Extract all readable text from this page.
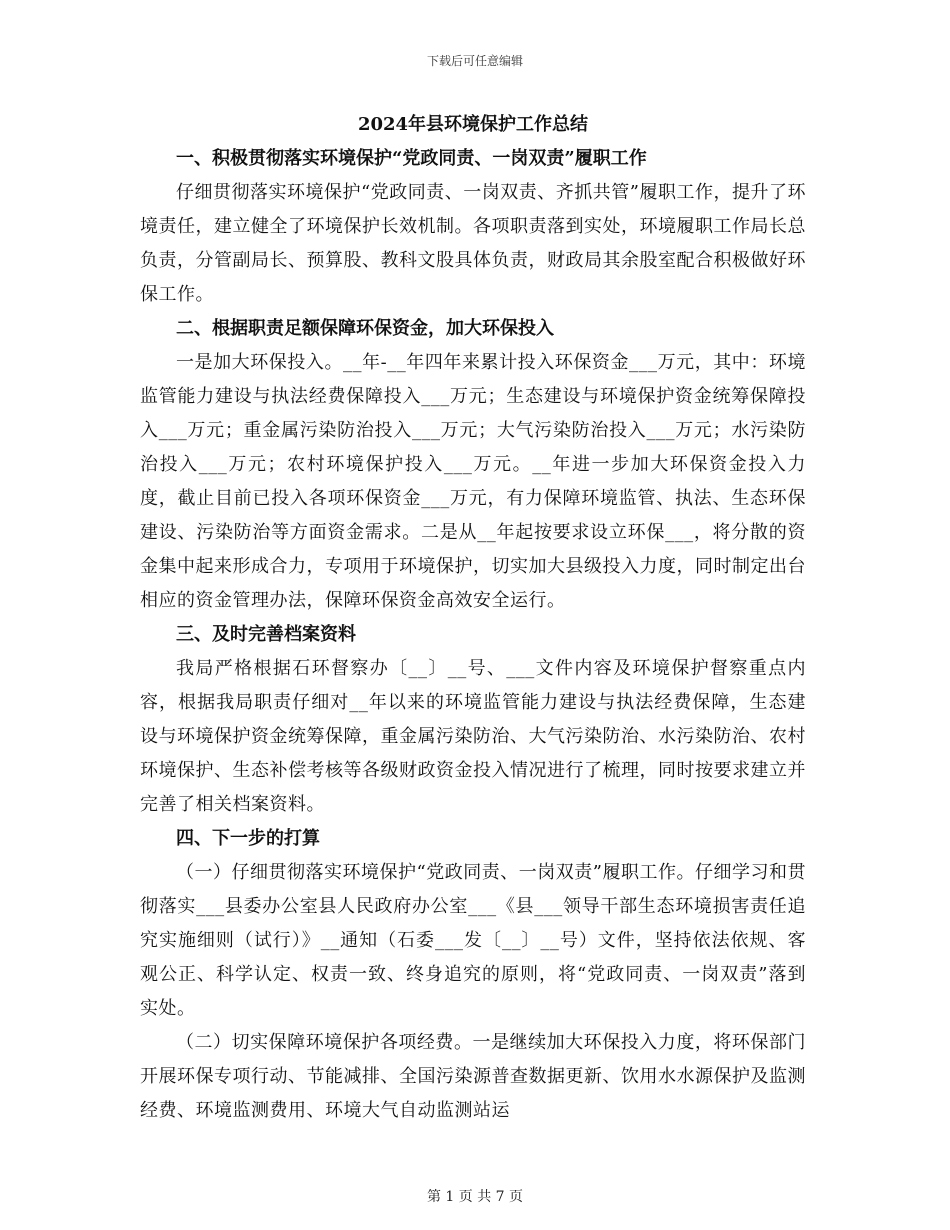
下载后可任意编辑
2024年县环境保护工作总结
一、积极贯彻落实环境保护“党政同责、一岗双责”履职工作

仔细贯彻落实环境保护“党政同责、一岗双责、齐抓共管”履职工作，提升了环境责任，建立健全了环境保护长效机制。各项职责落到实处，环境履职工作局长总负责，分管副局长、预算股、教科文股具体负责，财政局其余股室配合积极做好环保工作。

二、根据职责足额保障环保资金，加大环保投入

一是加大环保投入。__年-__年四年来累计投入环保资金___万元，其中：环境监管能力建设与执法经费保障投入___万元；生态建设与环境保护资金统筹保障投入___万元；重金属污染防治投入___万元；大气污染防治投入___万元；水污染防治投入___万元；农村环境保护投入___万元。__年进一步加大环保资金投入力度，截止目前已投入各项环保资金___万元，有力保障环境监管、执法、生态环保建设、污染防治等方面资金需求。二是从__年起按要求设立环保___，将分散的资金集中起来形成合力，专项用于环境保护，切实加大县级投入力度，同时制定出台相应的资金管理办法，保障环保资金高效安全运行。

三、及时完善档案资料

我局严格根据石环督察办〔__〕__号、___文件内容及环境保护督察重点内容，根据我局职责仔细对__年以来的环境监管能力建设与执法经费保障，生态建设与环境保护资金统筹保障，重金属污染防治、大气污染防治、水污染防治、农村环境保护、生态补偿考核等各级财政资金投入情况进行了梳理，同时按要求建立并完善了相关档案资料。

四、下一步的打算

（一）仔细贯彻落实环境保护“党政同责、一岗双责”履职工作。仔细学习和贯彻落实___县委办公室县人民政府办公室___《县___领导干部生态环境损害责任追究实施细则（试行）》__通知（石委___发〔__〕__号）文件，坚持依法依规、客观公正、科学认定、权责一致、终身追究的原则，将“党政同责、一岗双责”落到实处。

（二）切实保障环境保护各项经费。一是继续加大环保投入力度，将环保部门开展环保专项行动、节能减排、全国污染源普查数据更新、饮用水水源保护及监测经费、环境监测费用、环境大气自动监测站运

第 1 页 共 7 页
